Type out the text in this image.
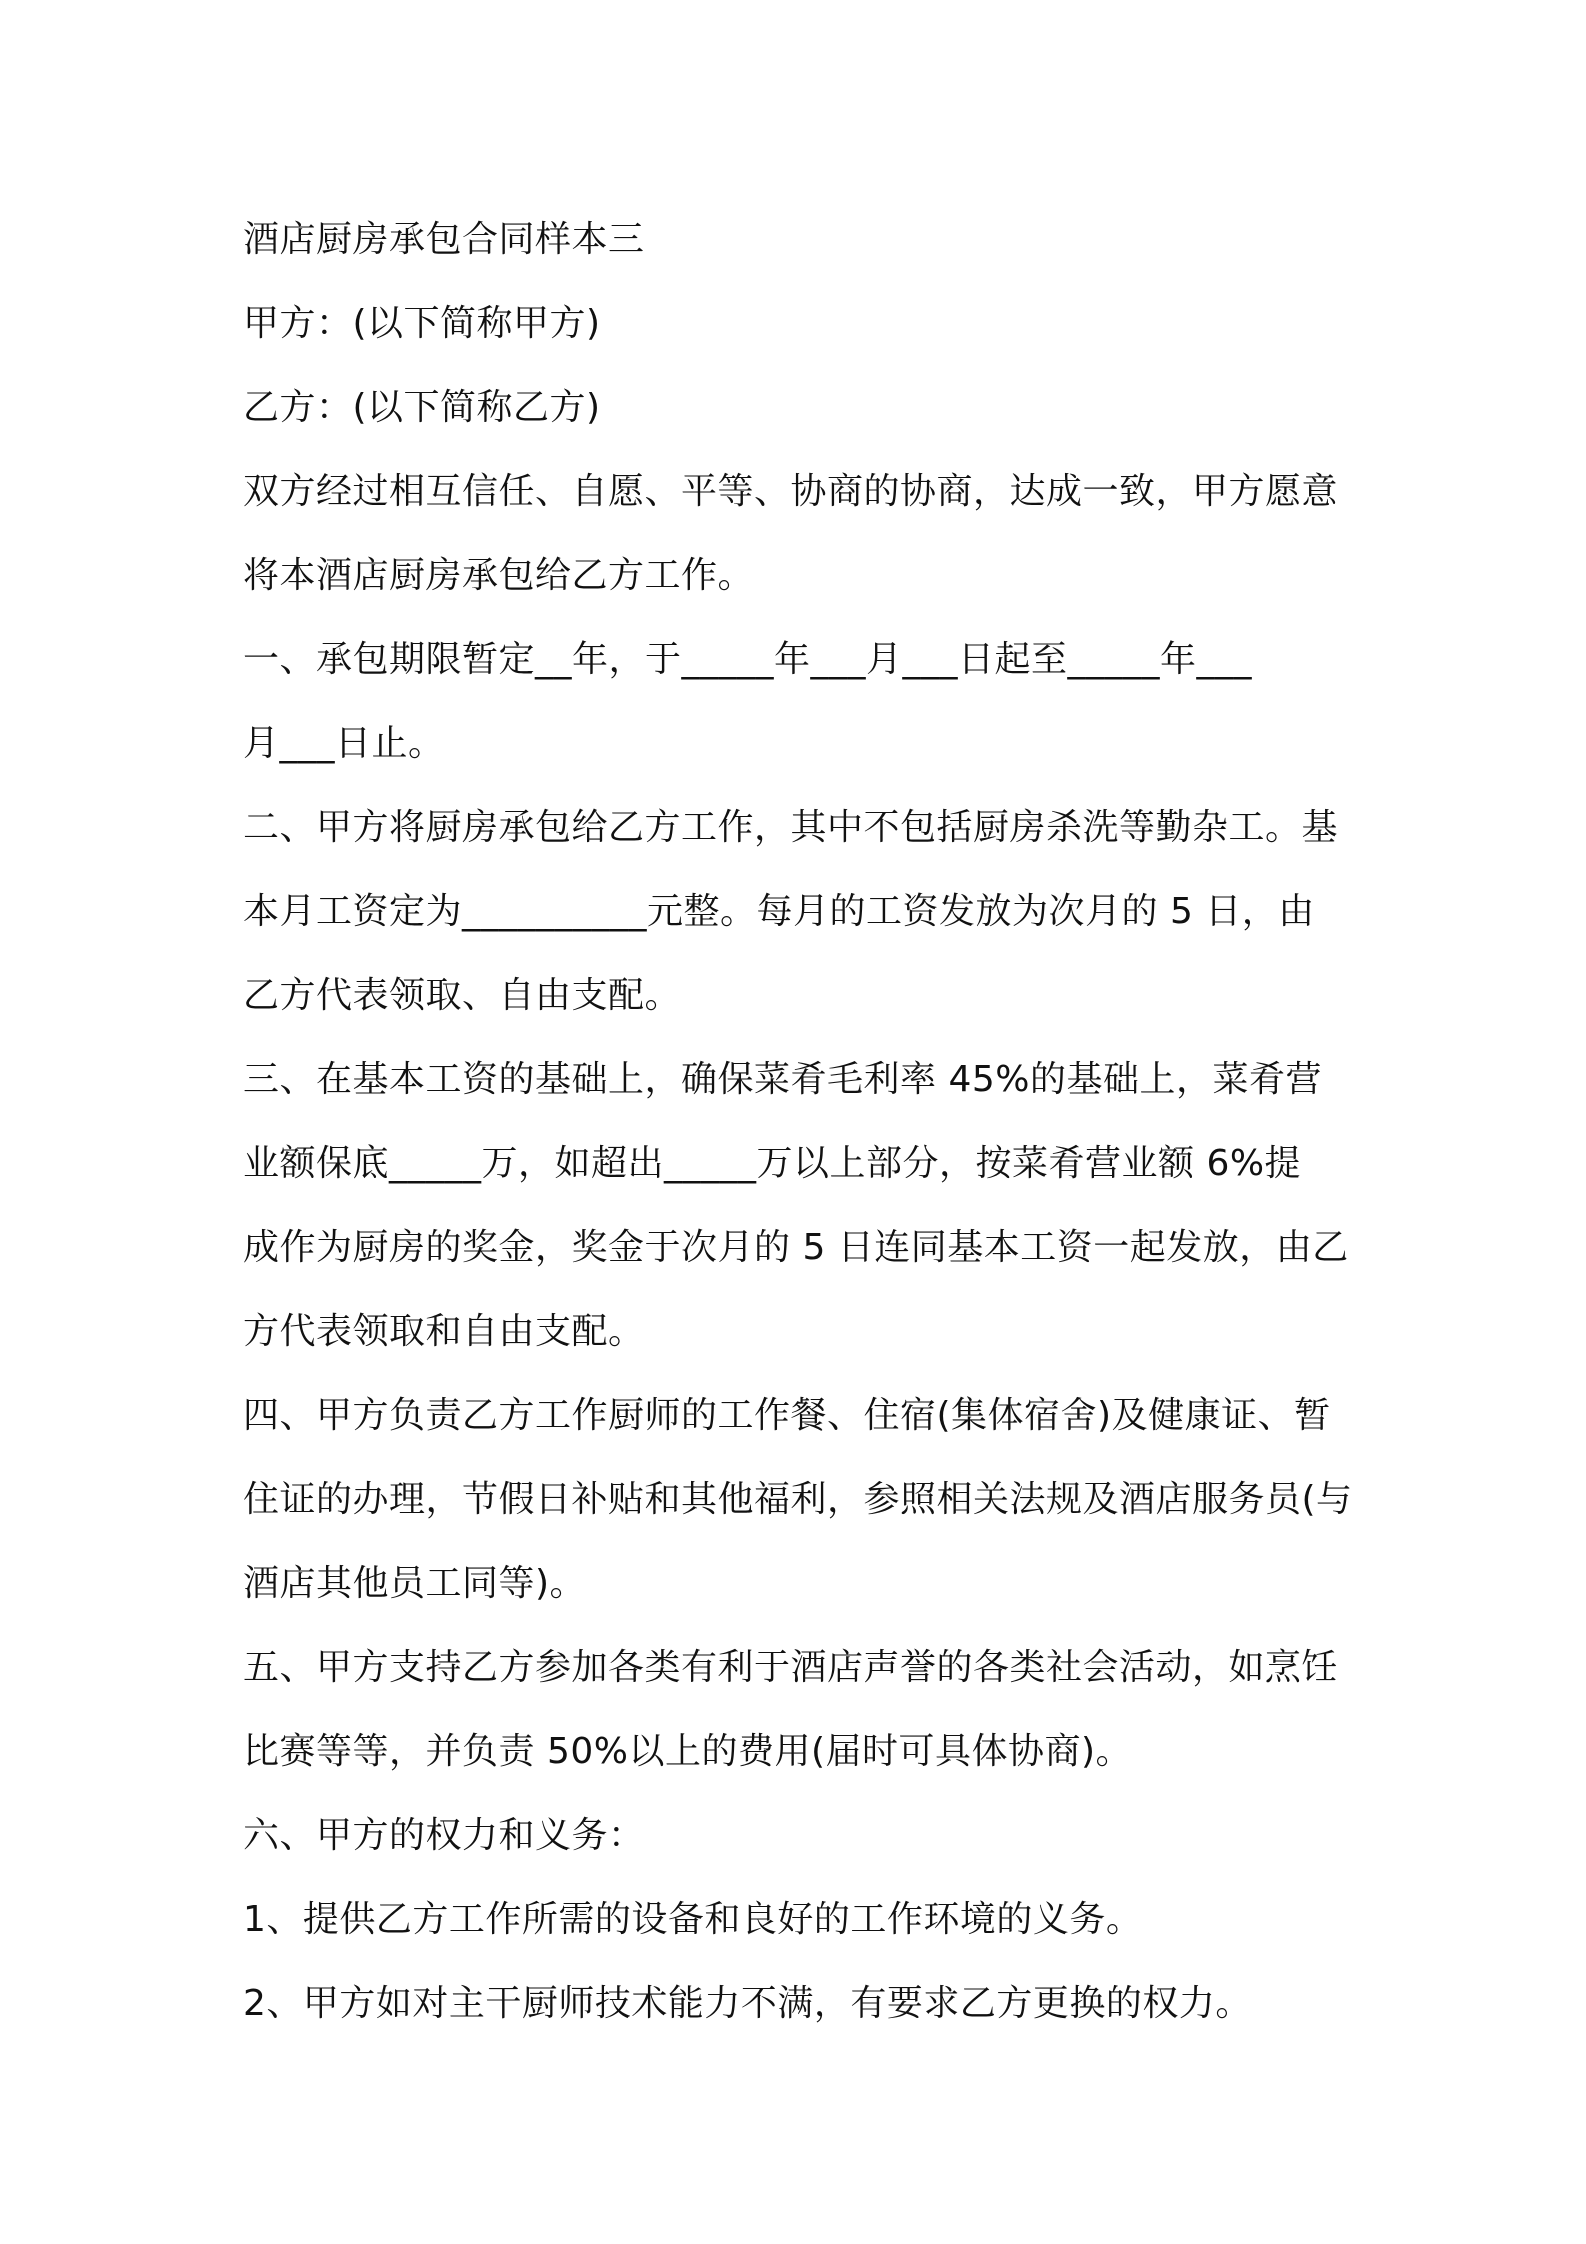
酒店厨房承包合同样本三
甲方：(以下简称甲方)
乙方：(以下简称乙方)
双方经过相互信任、自愿、平等、协商的协商，达成一致，甲方愿意
将本酒店厨房承包给乙方工作。
一、承包期限暂定__年，于_____年___月___日起至_____年___
月___日止。
二、甲方将厨房承包给乙方工作，其中不包括厨房杀洗等勤杂工。基
本月工资定为__________元整。每月的工资发放为次月的 5 日，由
乙方代表领取、自由支配。
三、在基本工资的基础上，确保菜肴毛利率 45%的基础上，菜肴营
业额保底_____万，如超出_____万以上部分，按菜肴营业额 6%提
成作为厨房的奖金，奖金于次月的 5 日连同基本工资一起发放，由乙
方代表领取和自由支配。
四、甲方负责乙方工作厨师的工作餐、住宿(集体宿舍)及健康证、暂
住证的办理，节假日补贴和其他福利，参照相关法规及酒店服务员(与
酒店其他员工同等)。
五、甲方支持乙方参加各类有利于酒店声誉的各类社会活动，如烹饪
比赛等等，并负责 50%以上的费用(届时可具体协商)。
六、甲方的权力和义务：
1、提供乙方工作所需的设备和良好的工作环境的义务。
2、甲方如对主干厨师技术能力不满，有要求乙方更换的权力。
